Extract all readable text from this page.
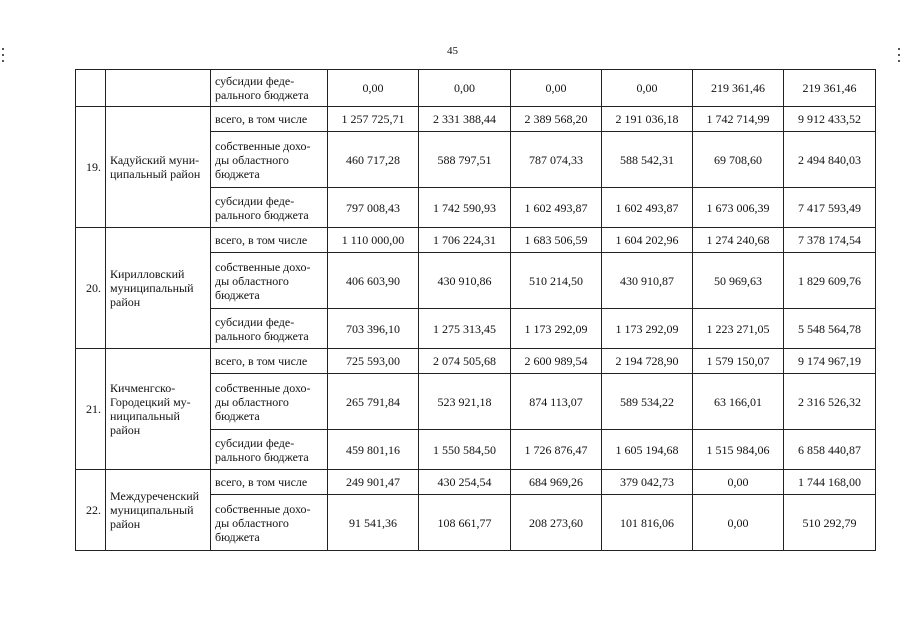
45
		субсидии феде-рального бюджета	0,00	0,00	0,00	0,00	219 361,46	219 361,46
19.	Кадуйский муни-ципальный район	всего, в том числе	1 257 725,71	2 331 388,44	2 389 568,20	2 191 036,18	1 742 714,99	9 912 433,52
		собственные дохо-ды областного бюджета	460 717,28	588 797,51	787 074,33	588 542,31	69 708,60	2 494 840,03
		субсидии феде-рального бюджета	797 008,43	1 742 590,93	1 602 493,87	1 602 493,87	1 673 006,39	7 417 593,49
20.	Кирилловский муниципальный район	всего, в том числе	1 110 000,00	1 706 224,31	1 683 506,59	1 604 202,96	1 274 240,68	7 378 174,54
		собственные дохо-ды областного бюджета	406 603,90	430 910,86	510 214,50	430 910,87	50 969,63	1 829 609,76
		субсидии феде-рального бюджета	703 396,10	1 275 313,45	1 173 292,09	1 173 292,09	1 223 271,05	5 548 564,78
21.	Кичменгско-Городецкий му-ниципальный район	всего, в том числе	725 593,00	2 074 505,68	2 600 989,54	2 194 728,90	1 579 150,07	9 174 967,19
		собственные дохо-ды областного бюджета	265 791,84	523 921,18	874 113,07	589 534,22	63 166,01	2 316 526,32
		субсидии феде-рального бюджета	459 801,16	1 550 584,50	1 726 876,47	1 605 194,68	1 515 984,06	6 858 440,87
22.	Междуреченский муниципальный район	всего, в том числе	249 901,47	430 254,54	684 969,26	379 042,73	0,00	1 744 168,00
		собственные дохо-ды областного бюджета	91 541,36	108 661,77	208 273,60	101 816,06	0,00	510 292,79
